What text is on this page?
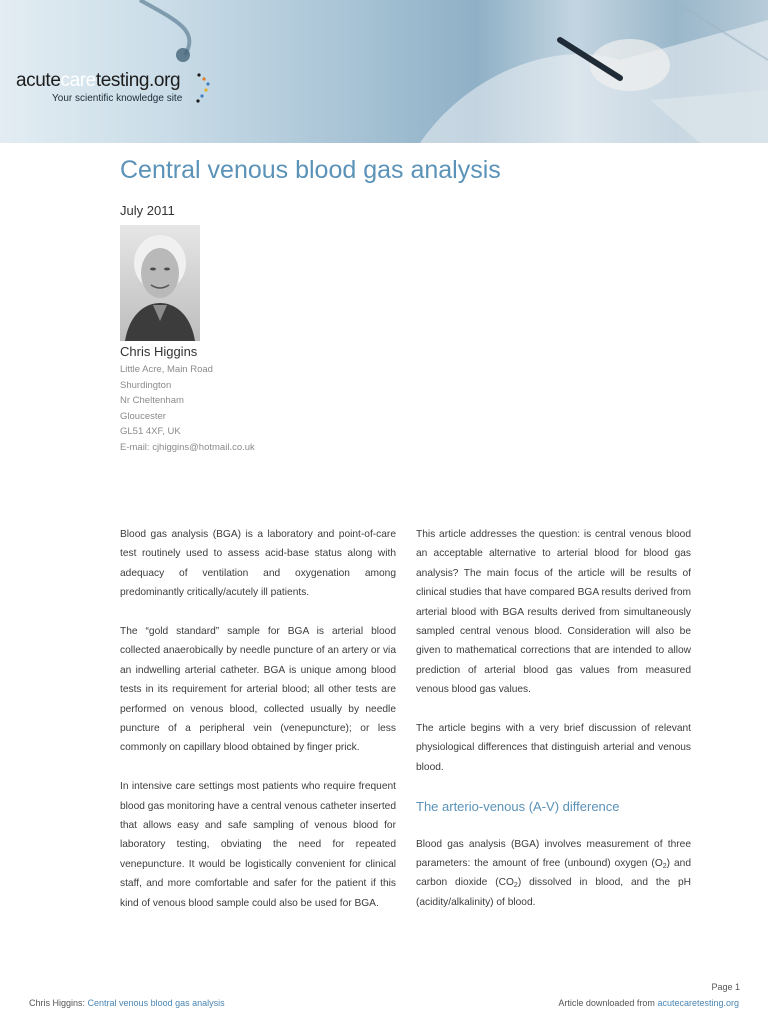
acutecaretesting.org
Your scientific knowledge site
Central venous blood gas analysis
July 2011
Chris Higgins
Little Acre, Main Road
Shurdington
Nr Cheltenham
Gloucester
GL51 4XF, UK
E-mail: cjhiggins@hotmail.co.uk

Blood gas analysis (BGA) is a laboratory and point-of-care test routinely used to assess acid-base status along with adequacy of ventilation and oxygenation among predominantly critically/acutely ill patients.

The “gold standard” sample for BGA is arterial blood collected anaerobically by needle puncture of an artery or via an indwelling arterial catheter. BGA is unique among blood tests in its requirement for arterial blood; all other tests are performed on venous blood, collected usually by needle puncture of a peripheral vein (venepuncture); or less commonly on capillary blood obtained by finger prick.

In intensive care settings most patients who require frequent blood gas monitoring have a central venous catheter inserted that allows easy and safe sampling of venous blood for laboratory testing, obviating the need for repeated venepuncture. It would be logistically convenient for clinical staff, and more comfortable and safer for the patient if this kind of venous blood sample could also be used for BGA.

This article addresses the question: is central venous blood an acceptable alternative to arterial blood for blood gas analysis? The main focus of the article will be results of clinical studies that have compared BGA results derived from arterial blood with BGA results derived from simultaneously sampled central venous blood. Consideration will also be given to mathematical corrections that are intended to allow prediction of arterial blood gas values from measured venous blood gas values.

The article begins with a very brief discussion of relevant physiological differences that distinguish arterial and venous blood.

The arterio-venous (A-V) difference

Blood gas analysis (BGA) involves measurement of three parameters: the amount of free (unbound) oxygen $(O_2)$ and carbon dioxide $(CO_2)$ dissolved in blood, and the pH (acidity/alkalinity) of blood.

Page 1
Chris Higgins: Central venous blood gas analysis	Article downloaded from acutecaretesting.org
